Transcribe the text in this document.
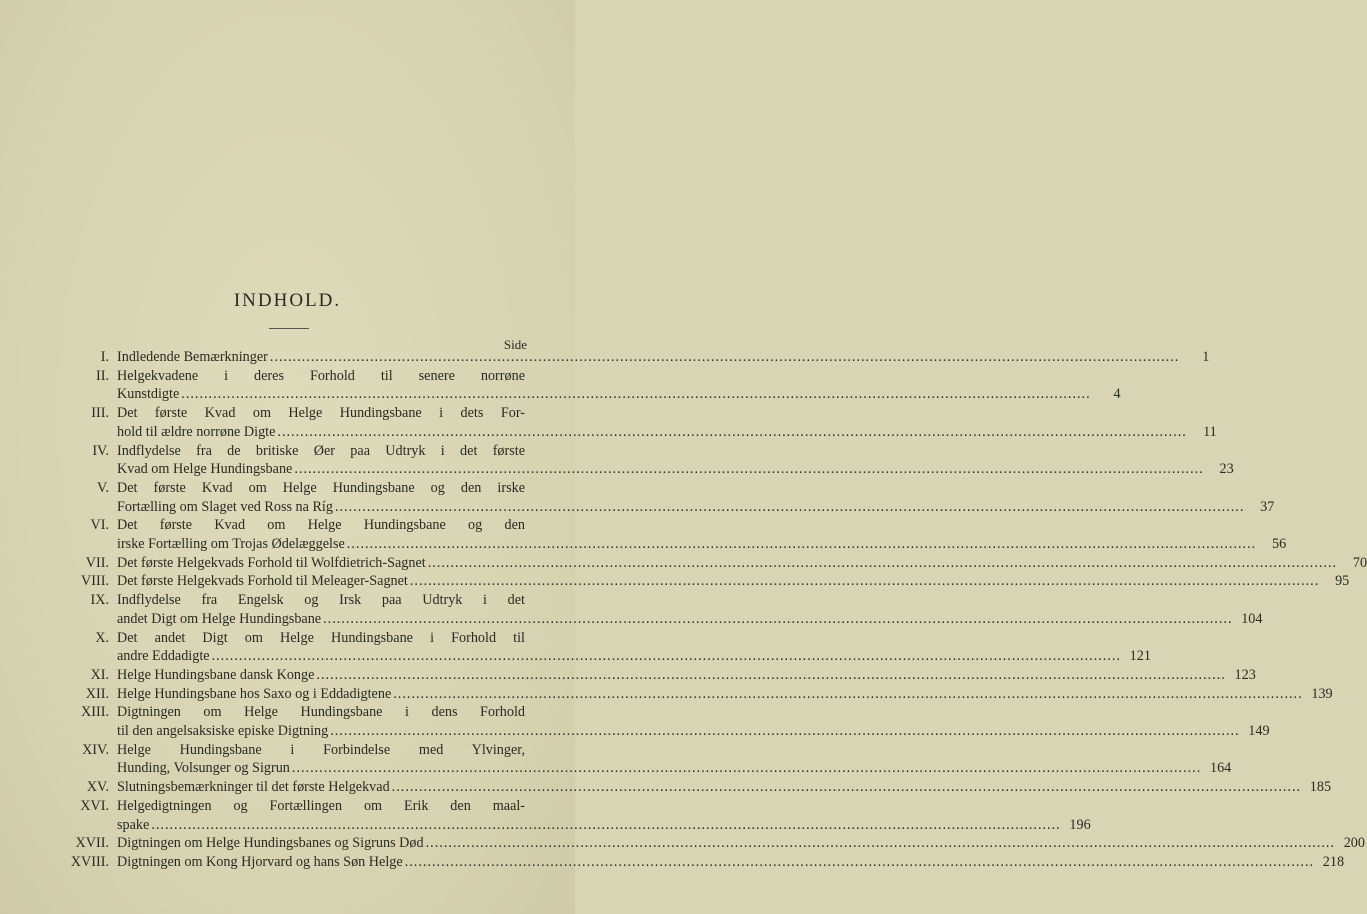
INDHOLD.
Side
I. Indledende Bemærkninger ........................................................................................................................................................................................................	1
II. Helgekvadene i deres Forhold til senere norrøne
Kunstdigte ........................................................................................................................................................................................................	4
III. Det første Kvad om Helge Hundingsbane i dets For-
hold til ældre norrøne Digte ........................................................................................................................................................................................................	11
IV. Indflydelse fra de britiske Øer paa Udtryk i det første
Kvad om Helge Hundingsbane ........................................................................................................................................................................................................	23
V. Det første Kvad om Helge Hundingsbane og den irske
Fortælling om Slaget ved Ross na Ríg ........................................................................................................................................................................................................	37
VI. Det første Kvad om Helge Hundingsbane og den
irske Fortælling om Trojas Ødelæggelse ........................................................................................................................................................................................................	56
VII. Det første Helgekvads Forhold til Wolfdietrich-Sagnet ........................................................................................................................................................................................................	70
VIII. Det første Helgekvads Forhold til Meleager-Sagnet ........................................................................................................................................................................................................	95
IX. Indflydelse fra Engelsk og Irsk paa Udtryk i det
andet Digt om Helge Hundingsbane ........................................................................................................................................................................................................ 104
X. Det andet Digt om Helge Hundingsbane i Forhold til
andre Eddadigte ........................................................................................................................................................................................................ 121
XI. Helge Hundingsbane dansk Konge ........................................................................................................................................................................................................ 123
XII. Helge Hundingsbane hos Saxo og i Eddadigtene ........................................................................................................................................................................................................ 139
XIII. Digtningen om Helge Hundingsbane i dens Forhold
til den angelsaksiske episke Digtning ........................................................................................................................................................................................................ 149
XIV. Helge Hundingsbane i Forbindelse med Ylvinger,
Hunding, Volsunger og Sigrun ........................................................................................................................................................................................................ 164
XV. Slutningsbemærkninger til det første Helgekvad ........................................................................................................................................................................................................ 185
XVI. Helgedigtningen og Fortællingen om Erik den maal-
spake ........................................................................................................................................................................................................ 196
XVII. Digtningen om Helge Hundingsbanes og Sigruns Død ........................................................................................................................................................................................................ 200
XVIII. Digtningen om Kong Hjorvard og hans Søn Helge ........................................................................................................................................................................................................ 218
